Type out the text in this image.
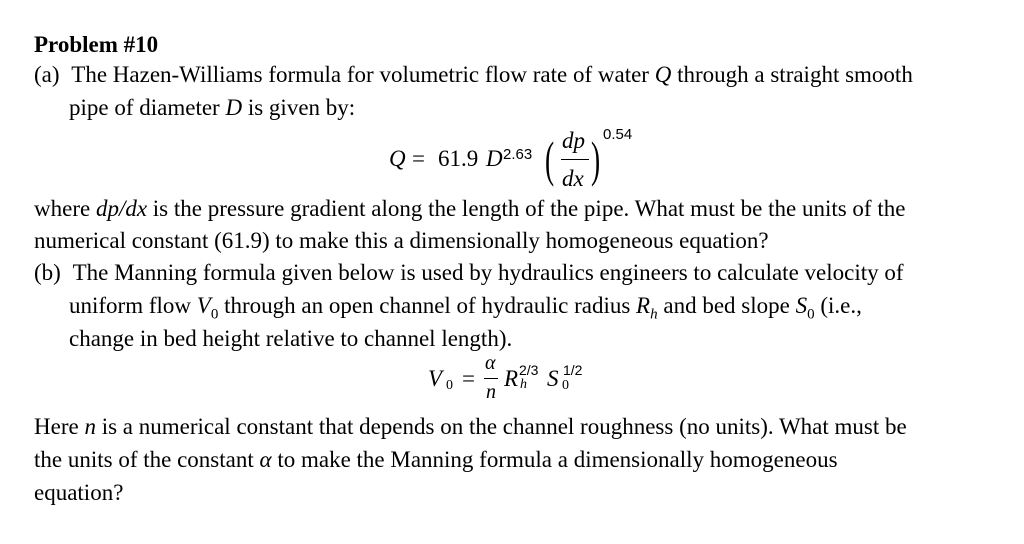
Problem #10
(a) The Hazen-Williams formula for volumetric flow rate of water Q through a straight smooth
pipe of diameter D is given by:
Q = 61.9 D 2.63 ( dp
dx ) 0.54
where dp/dx is the pressure gradient along the length of the pipe. What must be the units of the
numerical constant (61.9) to make this a dimensionally homogeneous equation?
(b) The Manning formula given below is used by hydraulics engineers to calculate velocity of
uniform flow $V_0$ through an open channel of hydraulic radius $R_h$ and bed slope $S_0$ (i.e.,
change in bed height relative to channel length).
V 0 =
α
n
R 2/3
h S 1/2
0
Here n is a numerical constant that depends on the channel roughness (no units). What must be
the units of the constant α to make the Manning formula a dimensionally homogeneous
equation?
